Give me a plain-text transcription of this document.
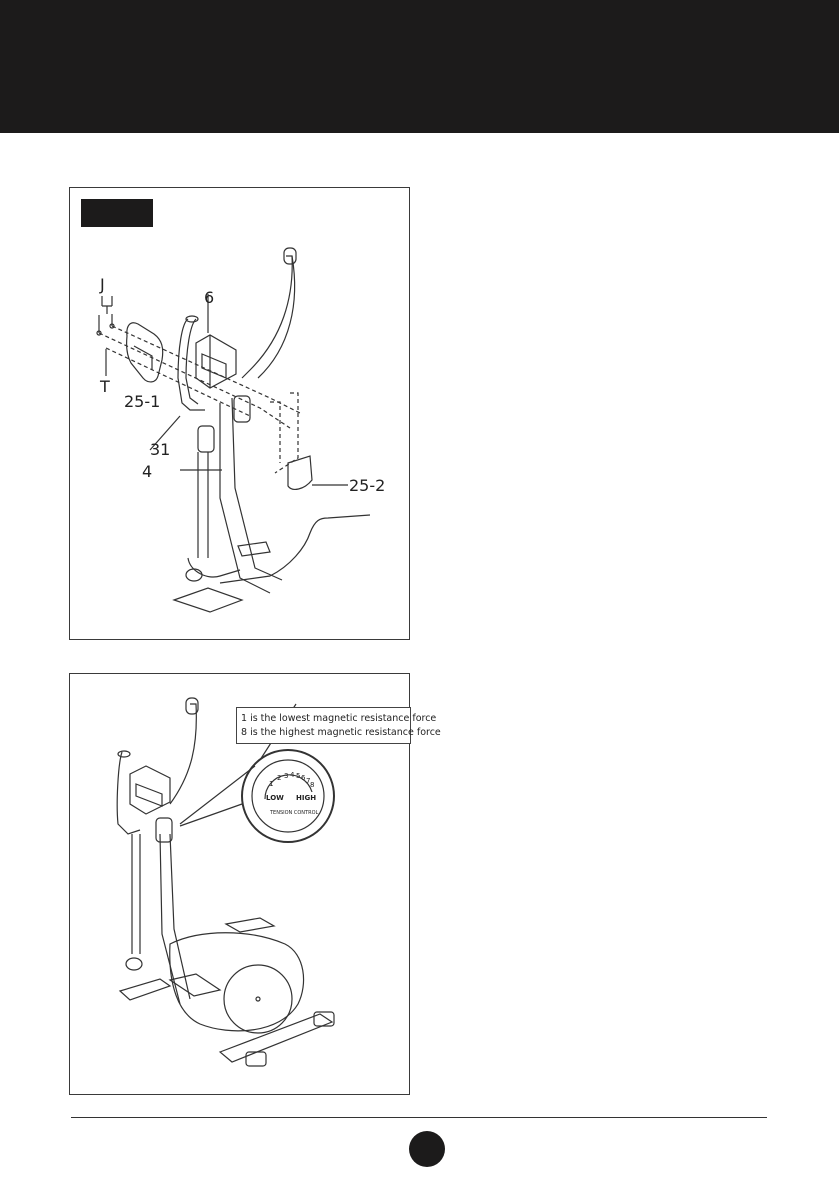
J
T
6
25-1
31
4
25-2
1
2 3 4 5 6 7 8
LOW HIGH
TENSION CONTROL
1 is the lowest magnetic resistance force
8 is the highest magnetic resistance force
